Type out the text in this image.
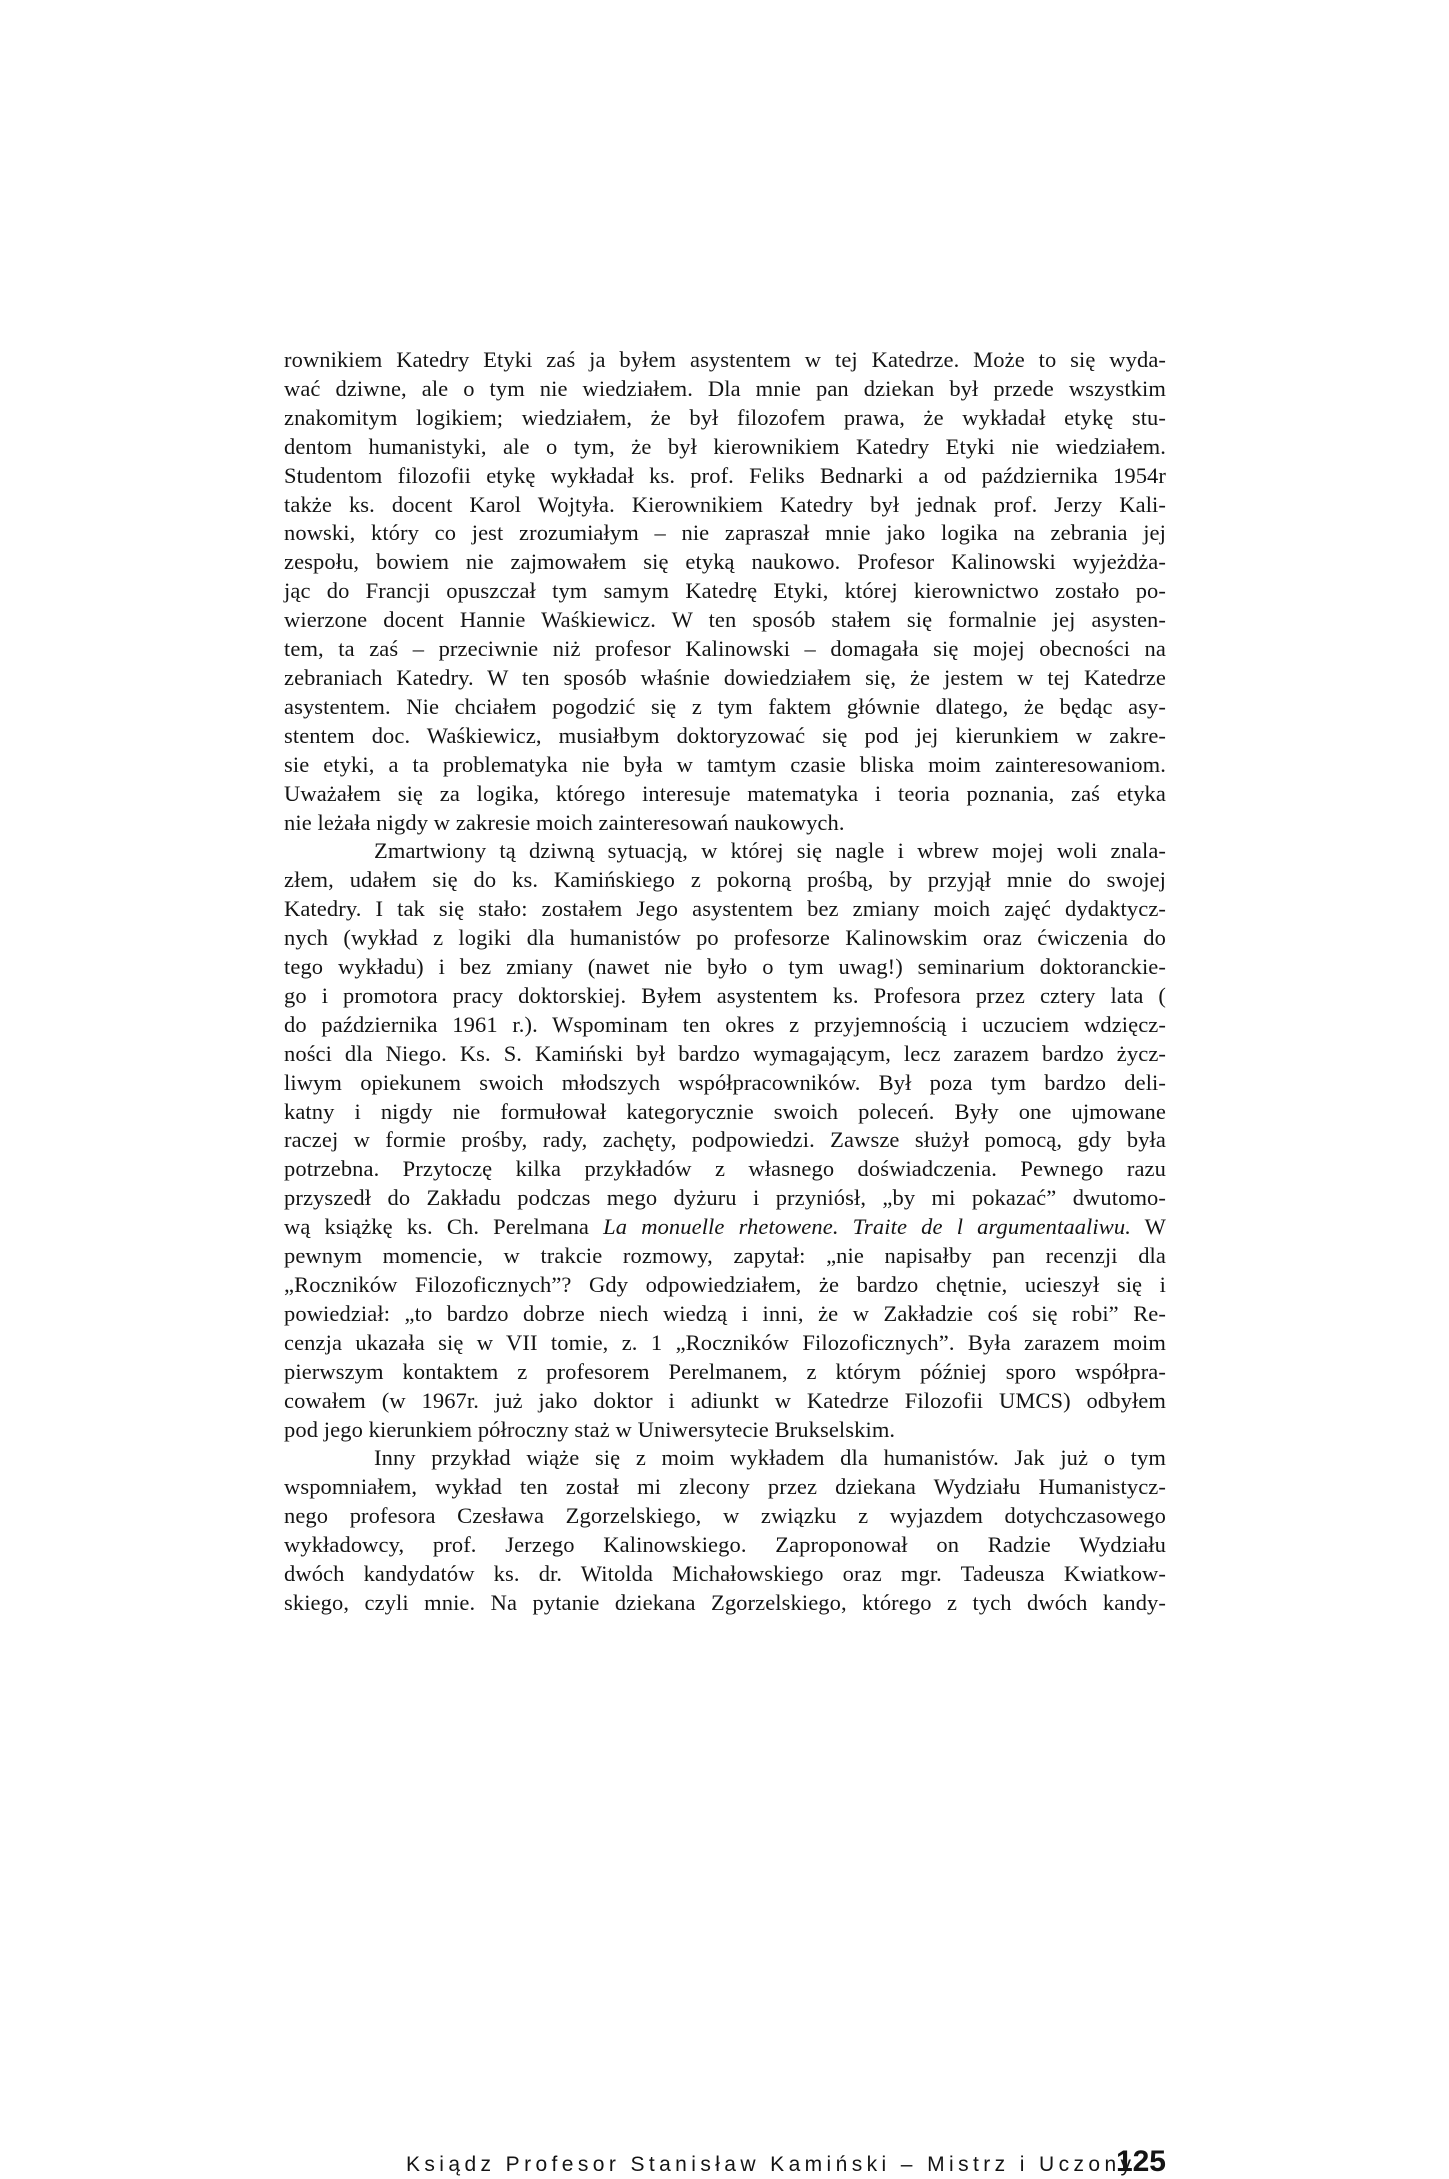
rownikiem Katedry Etyki zaś ja byłem asystentem w tej Katedrze. Może to się wyda-
wać dziwne, ale o tym nie wiedziałem. Dla mnie pan dziekan był przede wszystkim
znakomitym logikiem; wiedziałem, że był filozofem prawa, że wykładał etykę stu-
dentom humanistyki, ale o tym, że był kierownikiem Katedry Etyki nie wiedziałem.
Studentom filozofii etykę wykładał ks. prof. Feliks Bednarki a od października 1954r
także ks. docent Karol Wojtyła. Kierownikiem Katedry był jednak prof. Jerzy Kali-
nowski, który co jest zrozumiałym – nie zapraszał mnie jako logika na zebrania jej
zespołu, bowiem nie zajmowałem się etyką naukowo. Profesor Kalinowski wyjeżdża-
jąc do Francji opuszczał tym samym Katedrę Etyki, której kierownictwo zostało po-
wierzone docent Hannie Waśkiewicz. W ten sposób stałem się formalnie jej asysten-
tem, ta zaś – przeciwnie niż profesor Kalinowski – domagała się mojej obecności na
zebraniach Katedry. W ten sposób właśnie dowiedziałem się, że jestem w tej Katedrze
asystentem. Nie chciałem pogodzić się z tym faktem głównie dlatego, że będąc asy-
stentem doc. Waśkiewicz, musiałbym doktoryzować się pod jej kierunkiem w zakre-
sie etyki, a ta problematyka nie była w tamtym czasie bliska moim zainteresowaniom.
Uważałem się za logika, którego interesuje matematyka i teoria poznania, zaś etyka
nie leżała nigdy w zakresie moich zainteresowań naukowych.

Zmartwiony tą dziwną sytuacją, w której się nagle i wbrew mojej woli znala-
złem, udałem się do ks. Kamińskiego z pokorną prośbą, by przyjął mnie do swojej
Katedry. I tak się stało: zostałem Jego asystentem bez zmiany moich zajęć dydaktycz-
nych (wykład z logiki dla humanistów po profesorze Kalinowskim oraz ćwiczenia do
tego wykładu) i bez zmiany (nawet nie było o tym uwag!) seminarium doktoranckie-
go i promotora pracy doktorskiej. Byłem asystentem ks. Profesora przez cztery lata (
do października 1961 r.). Wspominam ten okres z przyjemnością i uczuciem wdzięcz-
ności dla Niego. Ks. S. Kamiński był bardzo wymagającym, lecz zarazem bardzo życz-
liwym opiekunem swoich młodszych współpracowników. Był poza tym bardzo deli-
katny i nigdy nie formułował kategorycznie swoich poleceń. Były one ujmowane
raczej w formie prośby, rady, zachęty, podpowiedzi. Zawsze służył pomocą, gdy była
potrzebna. Przytoczę kilka przykładów z własnego doświadczenia. Pewnego razu
przyszedł do Zakładu podczas mego dyżuru i przyniósł, „by mi pokazać” dwutomo-
wą książkę ks. Ch. Perelmana La monuelle rhetowene. Traite de l argumentaaliwu. W
pewnym momencie, w trakcie rozmowy, zapytał: „nie napisałby pan recenzji dla
„Roczników Filozoficznych”? Gdy odpowiedziałem, że bardzo chętnie, ucieszył się i
powiedział: „to bardzo dobrze niech wiedzą i inni, że w Zakładzie coś się robi” Re-
cenzja ukazała się w VII tomie, z. 1 „Roczników Filozoficznych”. Była zarazem moim
pierwszym kontaktem z profesorem Perelmanem, z którym później sporo współpra-
cowałem (w 1967r. już jako doktor i adiunkt w Katedrze Filozofii UMCS) odbyłem
pod jego kierunkiem półroczny staż w Uniwersytecie Brukselskim.

Inny przykład wiąże się z moim wykładem dla humanistów. Jak już o tym
wspomniałem, wykład ten został mi zlecony przez dziekana Wydziału Humanistycz-
nego profesora Czesława Zgorzelskiego, w związku z wyjazdem dotychczasowego
wykładowcy, prof. Jerzego Kalinowskiego. Zaproponował on Radzie Wydziału
dwóch kandydatów ks. dr. Witolda Michałowskiego oraz mgr. Tadeusza Kwiatkow-
skiego, czyli mnie. Na pytanie dziekana Zgorzelskiego, którego z tych dwóch kandy-

Ksiądz Profesor Stanisław Kamiński – Mistrz i Uczony
125
